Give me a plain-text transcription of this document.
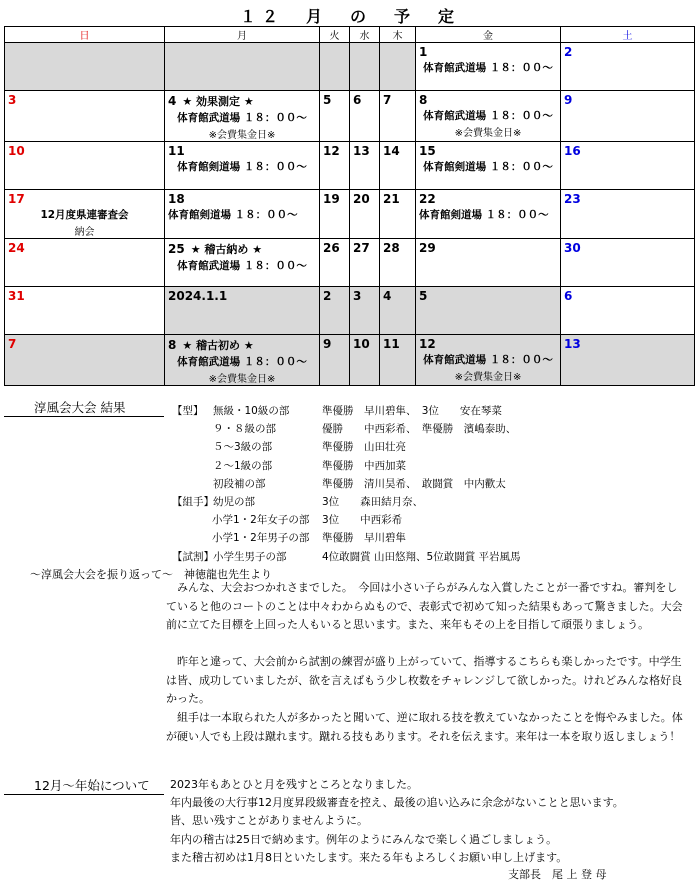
１２　月　の　予　定
日	月	火	水	木	金	土

					1
体育館武道場 １８：００～	2

3	4 ★ 効果測定 ★
体育館武道場 １８：００～
※会費集金日※	5	6	7	8
体育館武道場 １８：００～
※会費集金日※	9

10	11
体育館剣道場 １８：００～	12	13	14	15
体育館剣道場 １８：００～	16

17
12月度県連審査会
納会	18
体育館剣道場 １８：００～	19	20	21	22
体育館剣道場 １８：００～	23

24	25 ★ 稽古納め ★
体育館武道場 １８：００～	26	27	28	29	30

31	2024.1.1	2	3	4	5	6

7	8 ★ 稽古初め ★
体育館武道場 １８：００～
※会費集金日※	9	10	11	12
体育館武道場 １８：００～
※会費集金日※	13
淳風会大会 結果	【型】 無級・10級の部	準優勝　早川碧隼、　3位　　安在琴菜
９・８級の部	優勝　　中西彩希、　準優勝　濱嶋泰助、
５～3級の部	準優勝　山田壮亮
２～1級の部	準優勝　中西加菜
初段補の部	準優勝　清川昊希、　敢闘賞　中内歡太
【組手】 幼児の部	3位　　森田結月奈、
小学1・2年女子の部 3位　　中西彩希
小学1・2年男子の部 準優勝　早川碧隼
【試割】 小学生男子の部	4位敢闘賞 山田悠翔、5位敢闘賞 平岩風馬
～淳風会大会を振り返って～　神徳龍也先生より
　みんな、大会おつかれさまでした。　今回は小さい子らがみんな入賞したことが一番ですね。審判をしていると他のコートのことは中々わからぬもので、表彰式で初めて知った結果もあって驚きました。大会前に立てた目標を上回った人もいると思います。また、来年もその上を目指して頑張りましょう。
　昨年と違って、大会前から試割の練習が盛り上がっていて、指導するこちらも楽しかったです。中学生は皆、成功していましたが、欲を言えばもう少し枚数をチャレンジして欲しかった。けれどみんな格好良かった。
　組手は一本取られた人が多かったと聞いて、逆に取れる技を教えていなかったことを悔やみました。体が硬い人でも上段は蹴れます。蹴れる技もあります。それを伝えます。来年は一本を取り返しましょう！
12月～年始について	2023年もあとひと月を残すところとなりました。
年内最後の大行事12月度昇段級審査を控え、最後の追い込みに余念がないことと思います。
皆、思い残すことがありませんように。
年内の稽古は25日で納めます。例年のようにみんなで楽しく過ごしましょう。
また稽古初めは1月8日といたします。来たる年もよろしくお願い申し上げます。
支部長　尾 上 登 母
